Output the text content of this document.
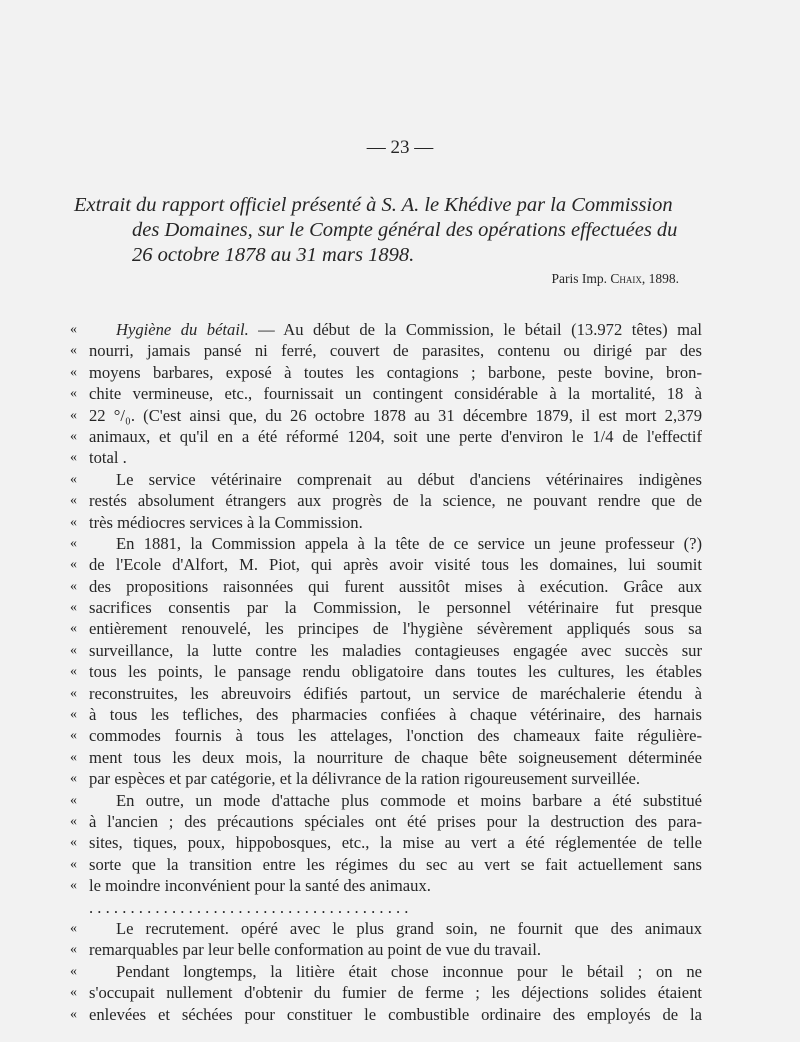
— 23 —
Extrait du rapport officiel présenté à S. A. le Khédive par la Commission
des Domaines, sur le Compte général des opérations effectuées du
26 octobre 1878 au 31 mars 1898.
Paris Imp. Chaix, 1898.
« Hygiène du bétail. — Au début de la Commission, le bétail (13.972 têtes) mal
« nourri, jamais pansé ni ferré, couvert de parasites, contenu ou dirigé par des
« moyens barbares, exposé à toutes les contagions ; barbone, peste bovine, bron-
« chite vermineuse, etc., fournissait un contingent considérable à la mortalité, 18 à
« 22 °/₀. (C'est ainsi que, du 26 octobre 1878 au 31 décembre 1879, il est mort 2,379
« animaux, et qu'il en a été réformé 1204, soit une perte d'environ le 1/4 de l'effectif
« total .
« Le service vétérinaire comprenait au début d'anciens vétérinaires indigènes
« restés absolument étrangers aux progrès de la science, ne pouvant rendre que de
« très médiocres services à la Commission.
« En 1881, la Commission appela à la tête de ce service un jeune professeur (?)
« de l'Ecole d'Alfort, M. Piot, qui après avoir visité tous les domaines, lui soumit
« des propositions raisonnées qui furent aussitôt mises à exécution. Grâce aux
« sacrifices consentis par la Commission, le personnel vétérinaire fut presque
« entièrement renouvelé, les principes de l'hygiène sévèrement appliqués sous sa
« surveillance, la lutte contre les maladies contagieuses engagée avec succès sur
« tous les points, le pansage rendu obligatoire dans toutes les cultures, les étables
« reconstruites, les abreuvoirs édifiés partout, un service de maréchalerie étendu à
« à tous les tefliches, des pharmacies confiées à chaque vétérinaire, des harnais
« commodes fournis à tous les attelages, l'onction des chameaux faite régulière-
« ment tous les deux mois, la nourriture de chaque bête soigneusement déterminée
« par espèces et par catégorie, et la délivrance de la ration rigoureusement surveillée.
« En outre, un mode d'attache plus commode et moins barbare a été substitué
« à l'ancien ; des précautions spéciales ont été prises pour la destruction des para-
« sites, tiques, poux, hippobosques, etc., la mise au vert a été réglementée de telle
« sorte que la transition entre les régimes du sec au vert se fait actuellement sans
« le moindre inconvénient pour la santé des animaux.
. . . . . . . . . . . . . . . . . . . . . . . . . . . . . . . . . . . . . . .
« Le recrutement. opéré avec le plus grand soin, ne fournit que des animaux
« remarquables par leur belle conformation au point de vue du travail.
« Pendant longtemps, la litière était chose inconnue pour le bétail ; on ne
« s'occupait nullement d'obtenir du fumier de ferme ; les déjections solides étaient
« enlevées et séchées pour constituer le combustible ordinaire des employés de la
